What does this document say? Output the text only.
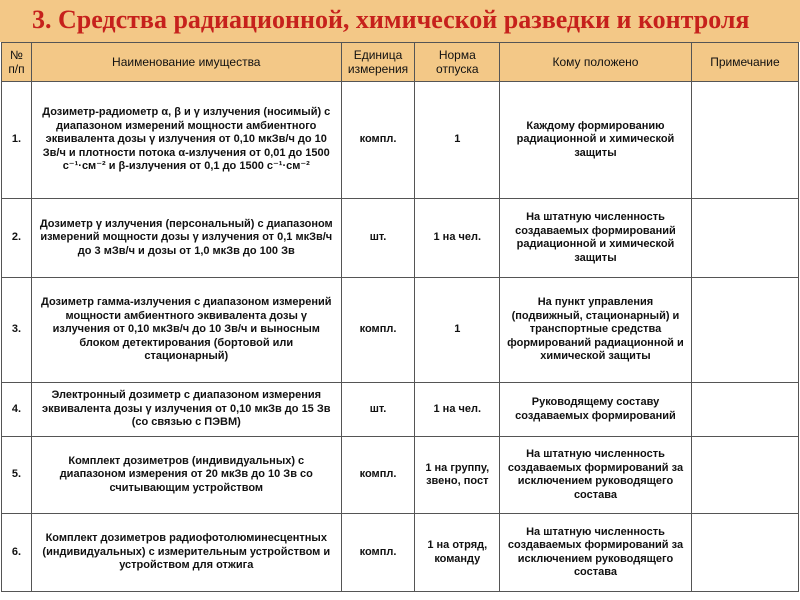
3. Средства радиационной, химической разведки и контроля
№ п/п	Наименование имущества	Единица измерения	Норма отпуска	Кому положено	Примечание
1.	Дозиметр-радиометр α, β и γ излучения (носимый) с диапазоном измерений мощности амбиентного эквивалента дозы γ излучения от 0,10 мкЗв/ч до 10 Зв/ч и плотности потока α-излучения от 0,01 до 1500 с⁻¹·см⁻² и β-излучения от 0,1 до 1500 с⁻¹·см⁻²	компл.	1	Каждому формированию радиационной и химической защиты	
2.	Дозиметр γ излучения (персональный) с диапазоном измерений мощности дозы γ излучения от 0,1 мкЗв/ч до 3 мЗв/ч и дозы от 1,0 мкЗв до 100 Зв	шт.	1 на чел.	На штатную численность создаваемых формирований радиационной и химической защиты	
3.	Дозиметр гамма-излучения с диапазоном измерений мощности амбиентного эквивалента дозы γ излучения от 0,10 мкЗв/ч до 10 Зв/ч и выносным блоком детектирования (бортовой или стационарный)	компл.	1	На пункт управления (подвижный, стационарный) и транспортные средства формирований радиационной и химической защиты	
4.	Электронный дозиметр с диапазоном измерения эквивалента дозы γ излучения от 0,10 мкЗв до 15 Зв (со связью с ПЭВМ)	шт.	1 на чел.	Руководящему составу создаваемых формирований	
5.	Комплект дозиметров (индивидуальных) с диапазоном измерения от 20 мкЗв до 10 Зв со считывающим устройством	компл.	1 на группу, звено, пост	На штатную численность создаваемых формирований за исключением руководящего состава	
6.	Комплект дозиметров радиофотолюминесцентных (индивидуальных) с измерительным устройством и устройством для отжига	компл.	1 на отряд, команду	На штатную численность создаваемых формирований за исключением руководящего состава	
